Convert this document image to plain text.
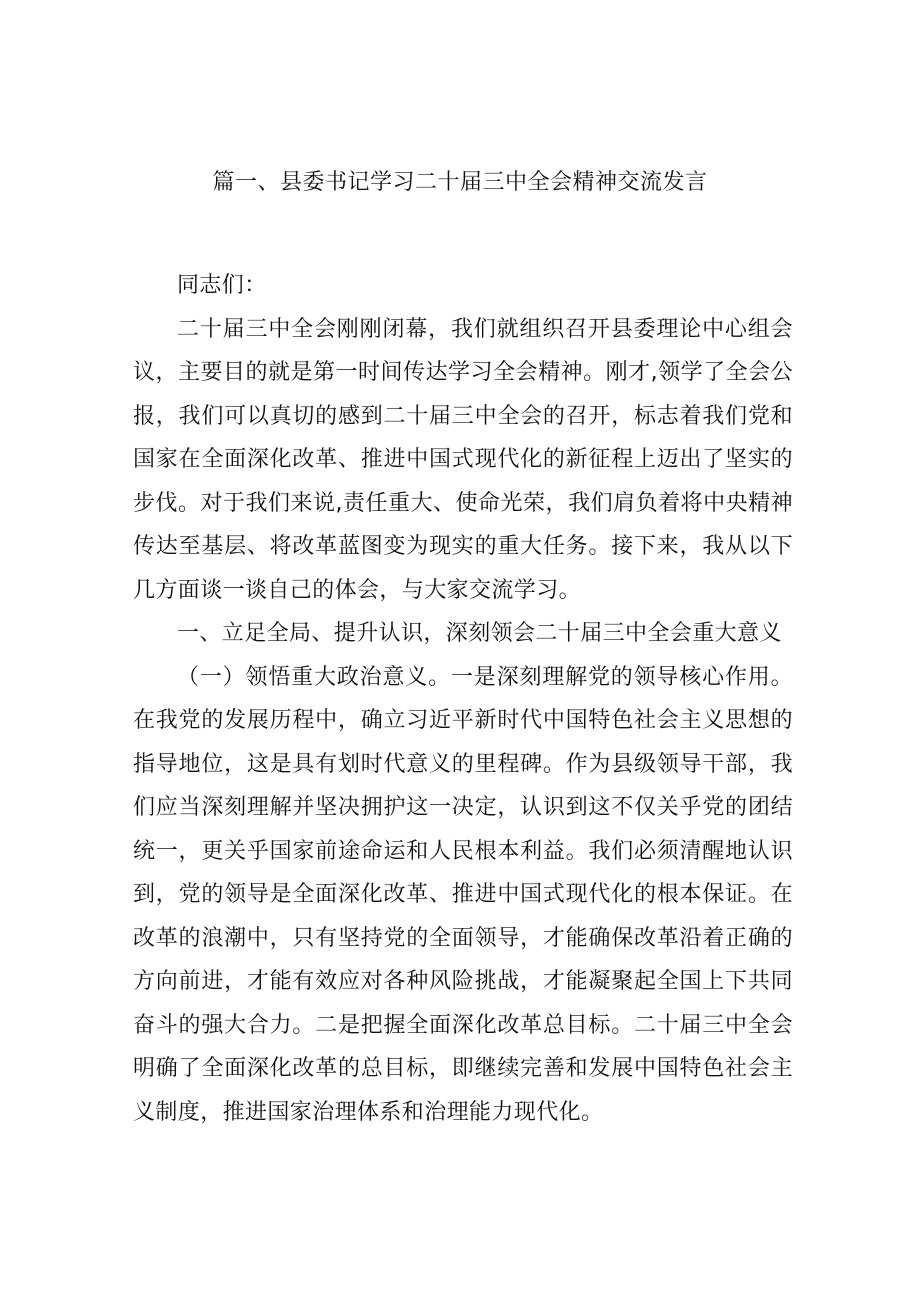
篇一、县委书记学习二十届三中全会精神交流发言

同志们：

二十届三中全会刚刚闭幕，我们就组织召开县委理论中心组会议，主要目的就是第一时间传达学习全会精神。刚才,领学了全会公报，我们可以真切的感到二十届三中全会的召开，标志着我们党和国家在全面深化改革、推进中国式现代化的新征程上迈出了坚实的步伐。对于我们来说,责任重大、使命光荣，我们肩负着将中央精神传达至基层、将改革蓝图变为现实的重大任务。接下来，我从以下几方面谈一谈自己的体会，与大家交流学习。

一、立足全局、提升认识，深刻领会二十届三中全会重大意义

（一）领悟重大政治意义。一是深刻理解党的领导核心作用。在我党的发展历程中，确立习近平新时代中国特色社会主义思想的指导地位，这是具有划时代意义的里程碑。作为县级领导干部，我们应当深刻理解并坚决拥护这一决定，认识到这不仅关乎党的团结统一，更关乎国家前途命运和人民根本利益。我们必须清醒地认识到，党的领导是全面深化改革、推进中国式现代化的根本保证。在改革的浪潮中，只有坚持党的全面领导，才能确保改革沿着正确的方向前进，才能有效应对各种风险挑战，才能凝聚起全国上下共同奋斗的强大合力。二是把握全面深化改革总目标。二十届三中全会明确了全面深化改革的总目标，即继续完善和发展中国特色社会主义制度，推进国家治理体系和治理能力现代化。
